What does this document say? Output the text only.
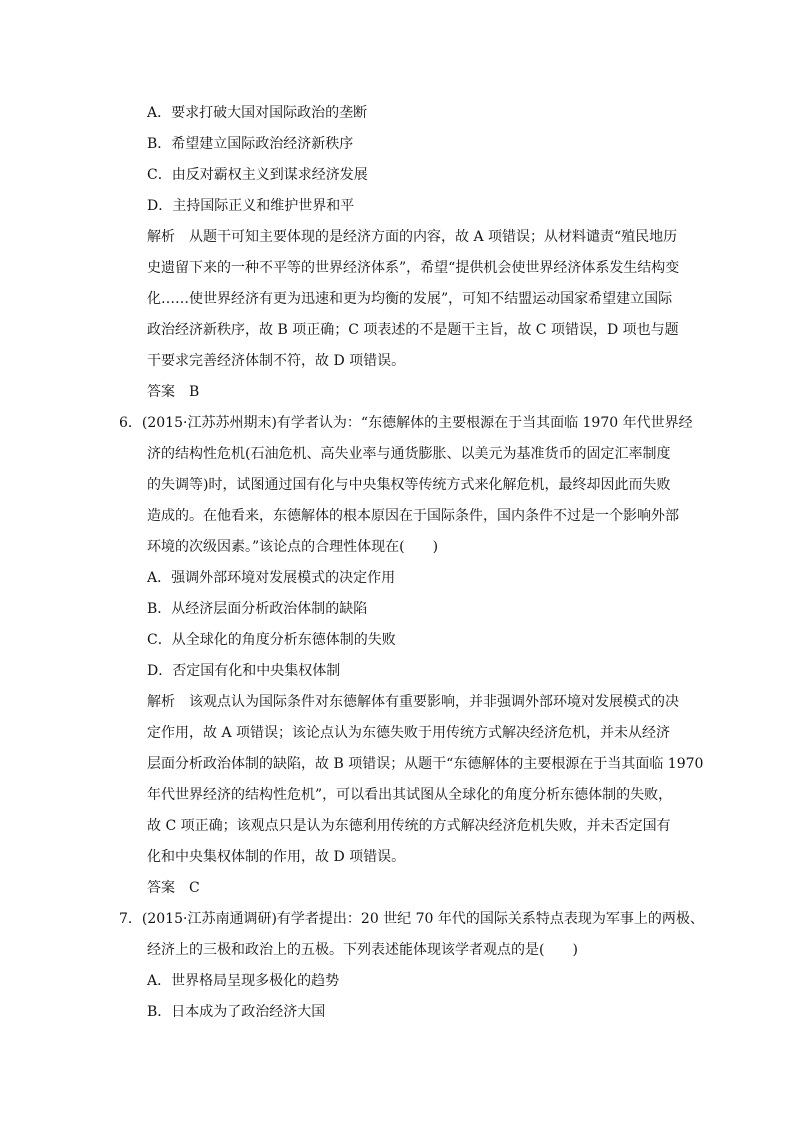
A．要求打破大国对国际政治的垄断
B．希望建立国际政治经济新秩序
C．由反对霸权主义到谋求经济发展
D．主持国际正义和维护世界和平
解析　从题干可知主要体现的是经济方面的内容，故 A 项错误；从材料谴责“殖民地历
史遗留下来的一种不平等的世界经济体系”，希望“提供机会使世界经济体系发生结构变
化……使世界经济有更为迅速和更为均衡的发展”，可知不结盟运动国家希望建立国际
政治经济新秩序，故 B 项正确；C 项表述的不是题干主旨，故 C 项错误，D 项也与题
干要求完善经济体制不符，故 D 项错误。
答案　B
6．(2015·江苏苏州期末)有学者认为：“东德解体的主要根源在于当其面临 1970 年代世界经
济的结构性危机(石油危机、高失业率与通货膨胀、以美元为基准货币的固定汇率制度
的失调等)时，试图通过国有化与中央集权等传统方式来化解危机，最终却因此而失败
造成的。在他看来，东德解体的根本原因在于国际条件，国内条件不过是一个影响外部
环境的次级因素。”该论点的合理性体现在(　　)
A．强调外部环境对发展模式的决定作用
B．从经济层面分析政治体制的缺陷
C．从全球化的角度分析东德体制的失败
D．否定国有化和中央集权体制
解析　该观点认为国际条件对东德解体有重要影响，并非强调外部环境对发展模式的决
定作用，故 A 项错误；该论点认为东德失败于用传统方式解决经济危机，并未从经济
层面分析政治体制的缺陷，故 B 项错误；从题干“东德解体的主要根源在于当其面临 1970
年代世界经济的结构性危机”，可以看出其试图从全球化的角度分析东德体制的失败，
故 C 项正确；该观点只是认为东德利用传统的方式解决经济危机失败，并未否定国有
化和中央集权体制的作用，故 D 项错误。
答案　C
7．(2015·江苏南通调研)有学者提出：20 世纪 70 年代的国际关系特点表现为军事上的两极、
经济上的三极和政治上的五极。下列表述能体现该学者观点的是(　　)
A．世界格局呈现多极化的趋势
B．日本成为了政治经济大国
